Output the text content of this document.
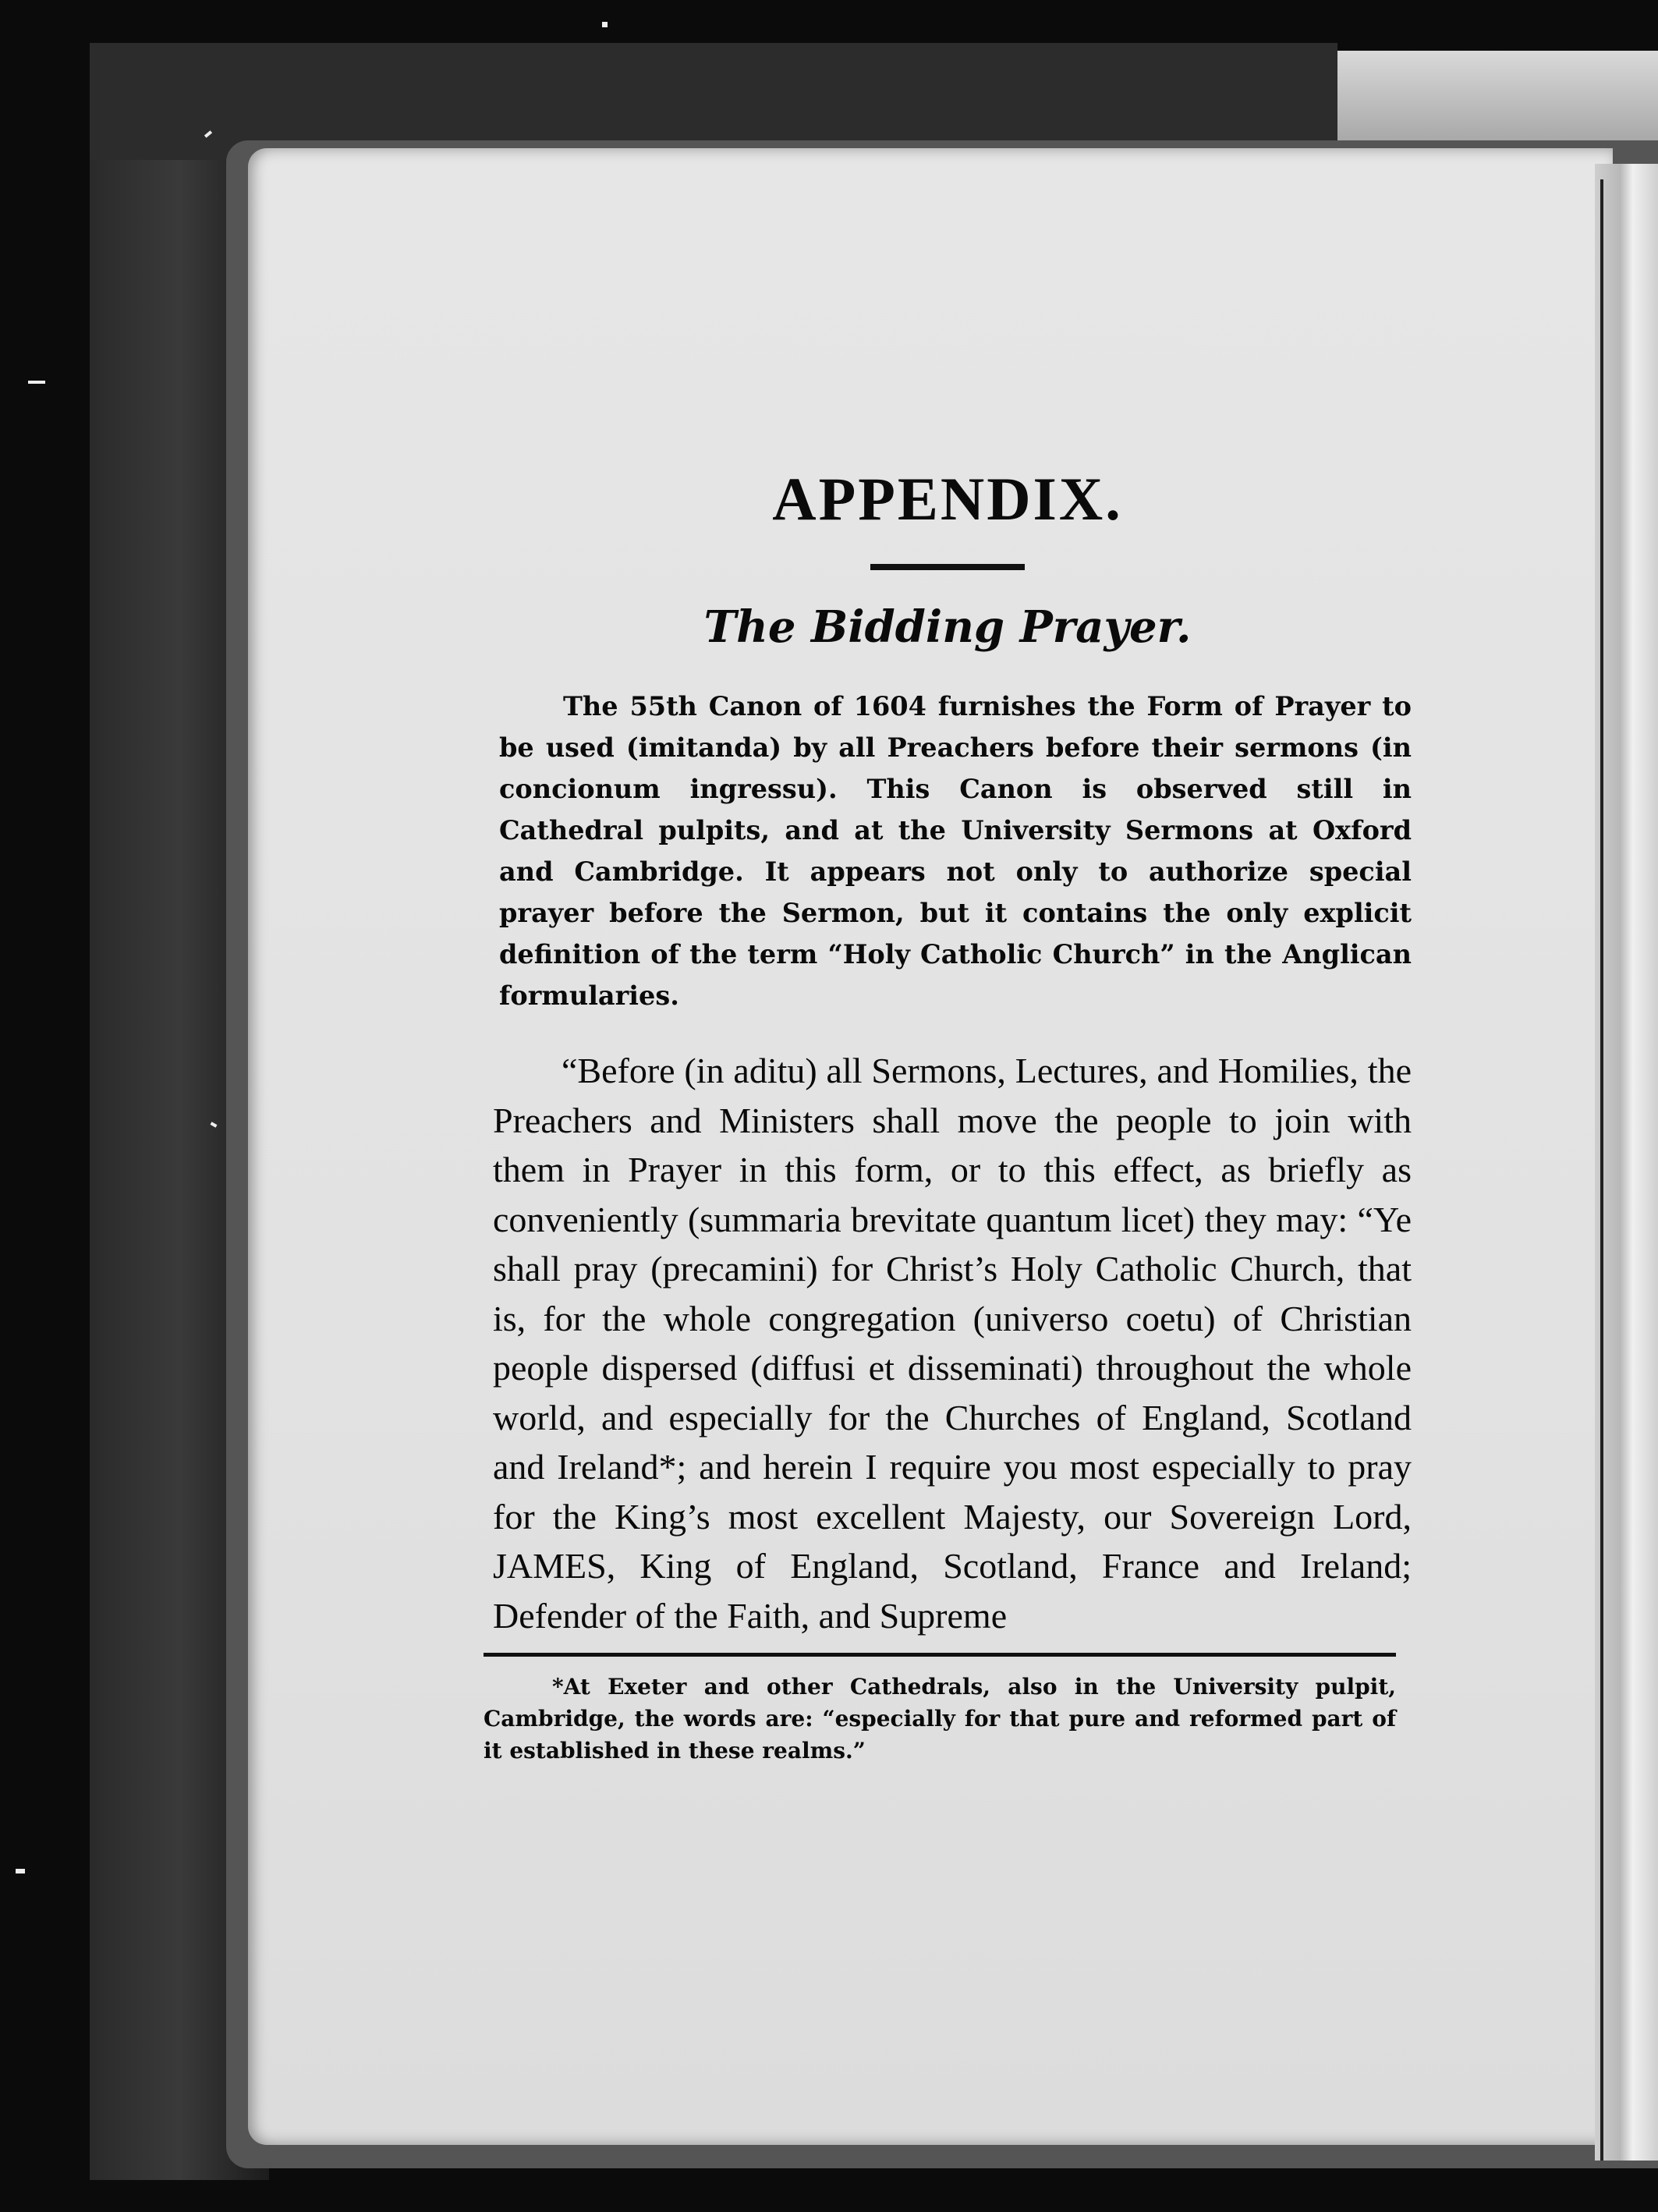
APPENDIX.
The Bidding Prayer.

The 55th Canon of 1604 furnishes the Form of Prayer to be used (imitanda) by all Preachers before their sermons (in concionum ingressu). This Canon is observed still in Cathedral pulpits, and at the University Sermons at Oxford and Cambridge. It appears not only to authorize special prayer before the Sermon, but it contains the only explicit definition of the term “Holy Catholic Church” in the Anglican formularies.

“Before (in aditu) all Sermons, Lectures, and Homilies, the Preachers and Ministers shall move the people to join with them in Prayer in this form, or to this effect, as briefly as conveniently (summaria brevitate quantum licet) they may: “Ye shall pray (precamini) for Christ’s Holy Catholic Church, that is, for the whole congregation (universo coetu) of Christian people dispersed (diffusi et disseminati) throughout the whole world, and especially for the Churches of England, Scotland and Ireland*; and herein I require you most especially to pray for the King’s most excellent Majesty, our Sovereign Lord, JAMES, King of England, Scotland, France and Ireland; Defender of the Faith, and Supreme

*At Exeter and other Cathedrals, also in the University pulpit, Cambridge, the words are: “especially for that pure and reformed part of it established in these realms.”
